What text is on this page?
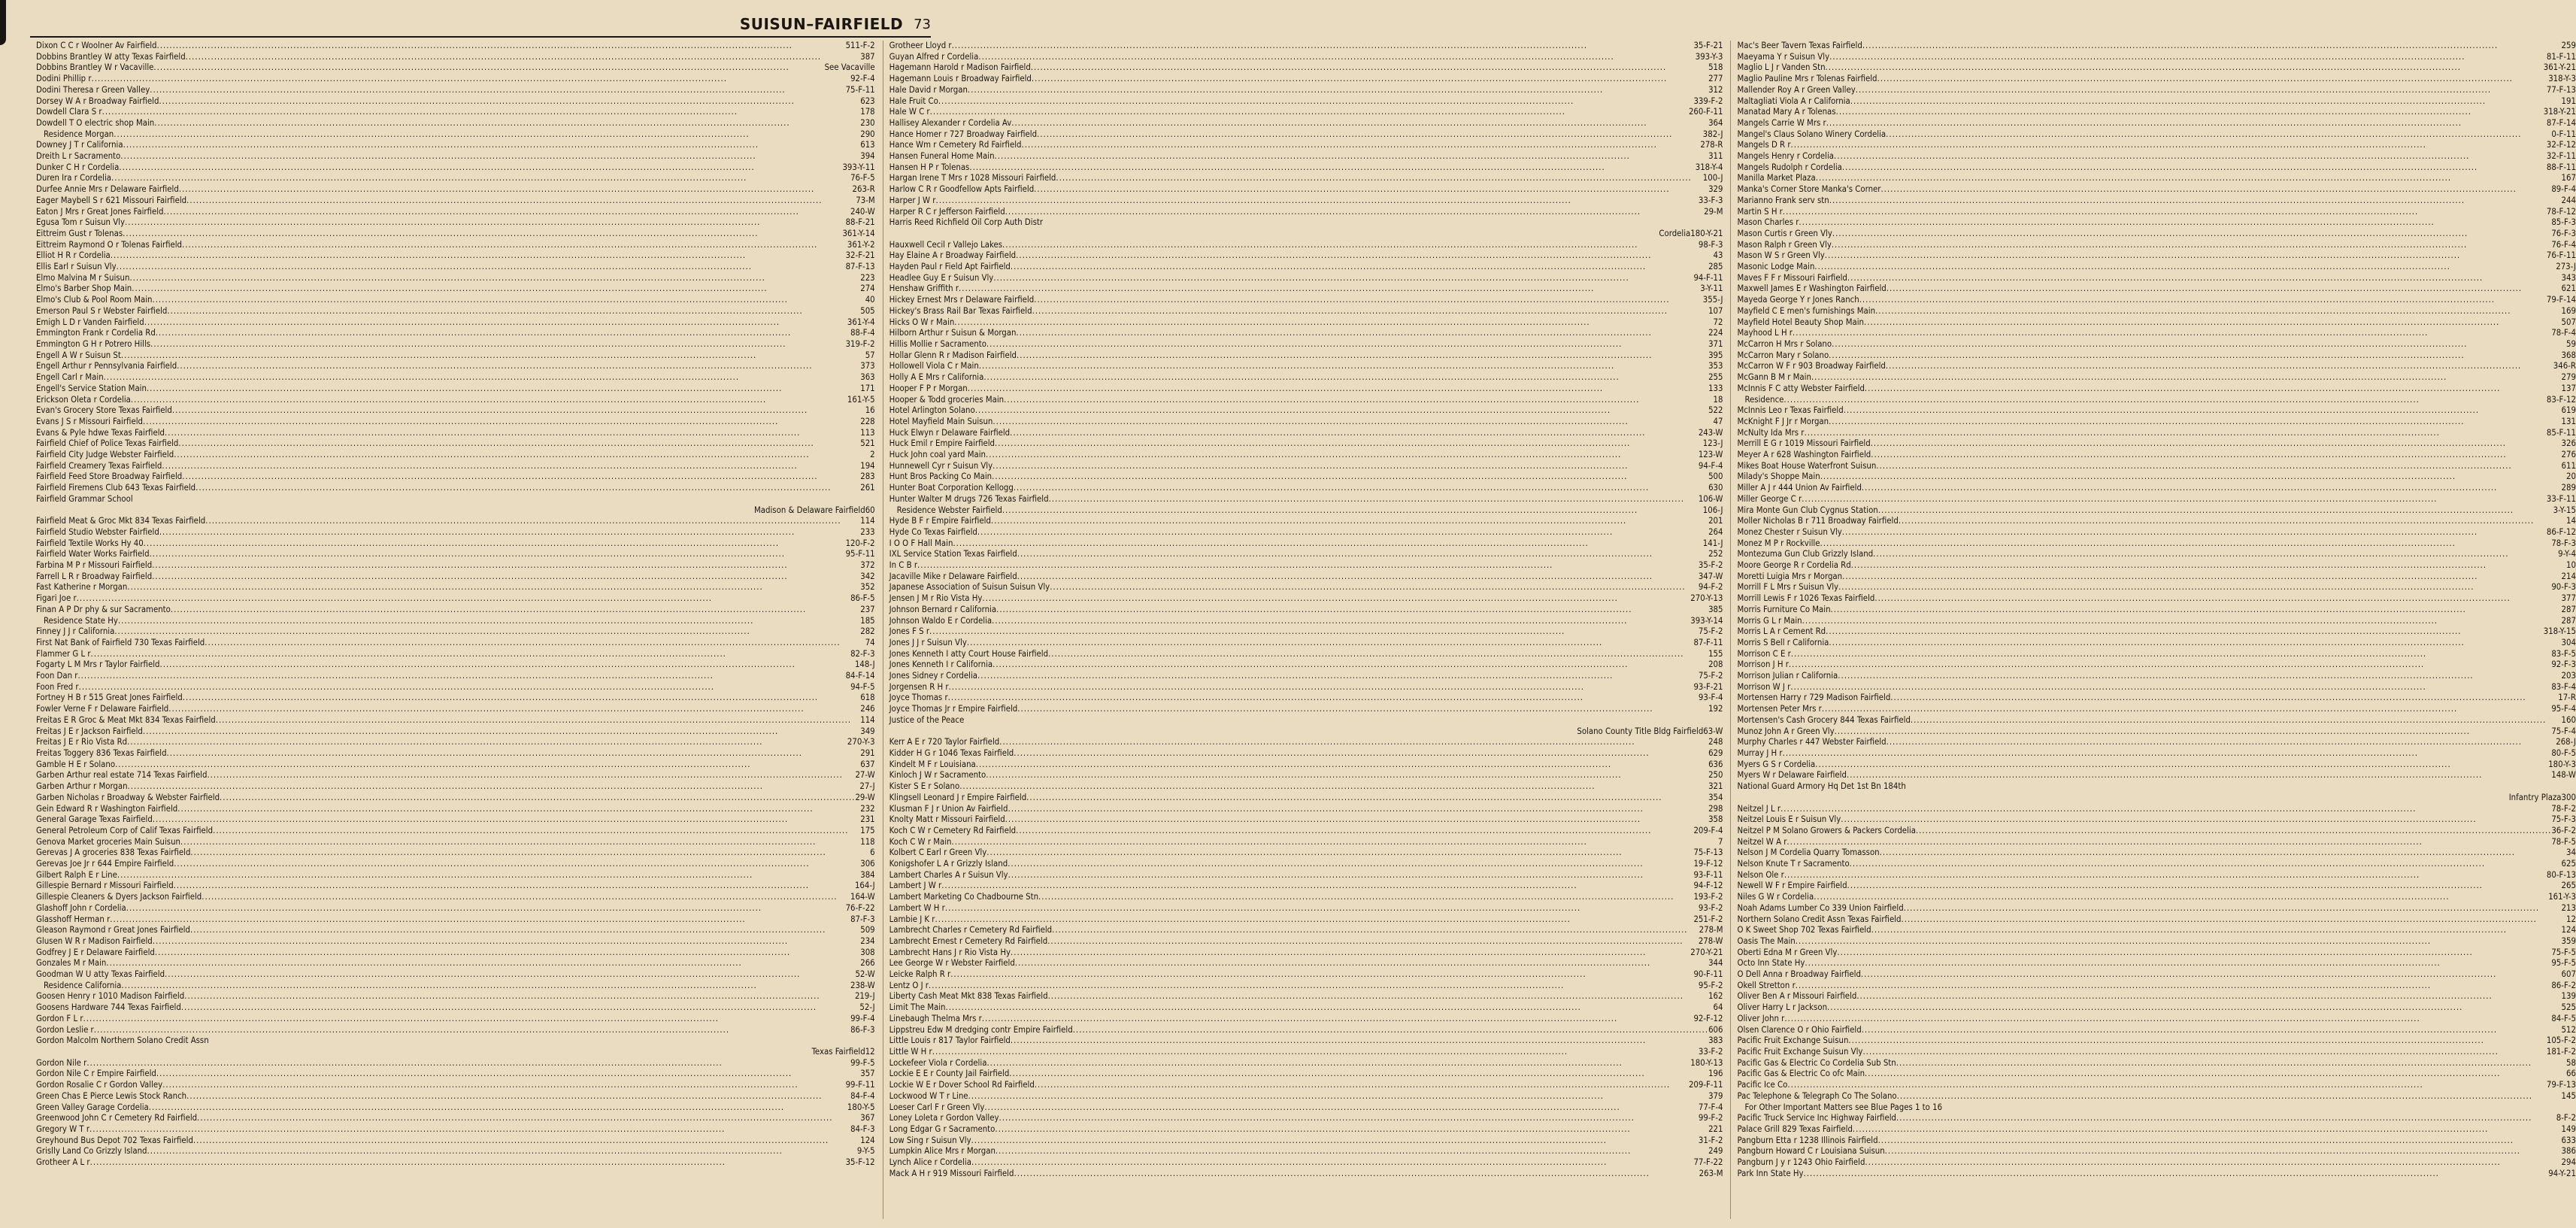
SUISUN–FAIRFIELD 73
Dixon C C r Woolner Av Fairfield .....	511-F-2
Dobbins Brantley W atty Texas Fairfield .....	387
Dobbins Brantley W r Vacaville .....	See Vacaville
Dodini Phillip r .....	92-F-4
Dodini Theresa r Green Valley .....	75-F-11
Dorsey W A r Broadway Fairfield .....	623
Dowdell Clara S r .....	178
Dowdell T O electric shop Main .....	230
Residence Morgan .....	290
Downey J T r California .....	613
Dreith L r Sacramento .....	394
Dunker C H r Cordelia .....	393-Y-11
Duren Ira r Cordelia .....	76-F-5
Durfee Annie Mrs r Delaware Fairfield .....	263-R
Eager Maybell S r 621 Missouri Fairfield .....	73-M
Eaton J Mrs r Great Jones Fairfield .....	240-W
Egusa Tom r Suisun Vly .....	88-F-21
Eittreim Gust r Tolenas .....	361-Y-14
Eittreim Raymond O r Tolenas Fairfield .....	361-Y-2
Elliot H R r Cordelia .....	32-F-21
Ellis Earl r Suisun Vly .....	87-F-13
Elmo Malvina M r Suisun .....	223
Elmo's Barber Shop Main .....	274
Elmo's Club & Pool Room Main .....	40
Emerson Paul S r Webster Fairfield .....	505
Emigh L D r Vanden Fairfield .....	361-Y-4
Emmington Frank r Cordelia Rd .....	88-F-4
Emmington G H r Potrero Hills .....	319-F-2
Engell A W r Suisun St .....	57
Engell Arthur r Pennsylvania Fairfield .....	373
Engell Carl r Main .....	363
Engell's Service Station Main .....	171
Erickson Oleta r Cordelia .....	161-Y-5
Evan's Grocery Store Texas Fairfield .....	16
Evans J S r Missouri Fairfield .....	228
Evans & Pyle hdwe Texas Fairfield .....	113
Fairfield Chief of Police Texas Fairfield .....	521
Fairfield City Judge Webster Fairfield .....	2
Fairfield Creamery Texas Fairfield .....	194
Fairfield Feed Store Broadway Fairfield .....	283
Fairfield Firemens Club 643 Texas Fairfield .....	261
Fairfield Grammar School
Madison & Delaware Fairfield 60
Fairfield Meat & Groc Mkt 834 Texas Fairfield .....	114
Fairfield Studio Webster Fairfield .....	233
Fairfield Textile Works Hy 40 .....	120-F-2
Fairfield Water Works Fairfield .....	95-F-11
Farbina M P r Missouri Fairfield .....	372
Farrell L R r Broadway Fairfield .....	342
Fast Katherine r Morgan .....	352
Figari Joe r .....	86-F-5
Finan A P Dr phy & sur Sacramento .....	237
Residence State Hy .....	185
Finney J J r California .....	282
First Nat Bank of Fairfield 730 Texas Fairfield .....	74
Flammer G L r .....	82-F-3
Fogarty L M Mrs r Taylor Fairfield .....	148-J
Foon Dan r .....	84-F-14
Foon Fred r .....	94-F-5
Fortney H B r 515 Great Jones Fairfield .....	618
Fowler Verne F r Delaware Fairfield .....	246
Freitas E R Groc & Meat Mkt 834 Texas Fairfield .....	114
Freitas J E r Jackson Fairfield .....	349
Freitas J E r Rio Vista Rd .....	270-Y-3
Freitas Toggery 836 Texas Fairfield .....	291
Gamble H E r Solano .....	637
Garben Arthur real estate 714 Texas Fairfield .....	27-W
Garben Arthur r Morgan .....	27-J
Garben Nicholas r Broadway & Webster Fairfield .....	29-W
Gein Edward R r Washington Fairfield .....	232
General Garage Texas Fairfield .....	231
General Petroleum Corp of Calif Texas Fairfield .....	175
Genova Market groceries Main Suisun .....	118
Gerevas J A groceries 838 Texas Fairfield .....	6
Gerevas Joe Jr r 644 Empire Fairfield .....	306
Gilbert Ralph E r Line .....	384
Gillespie Bernard r Missouri Fairfield .....	164-J
Gillespie Cleaners & Dyers Jackson Fairfield .....	164-W
Glashoff John r Cordelia .....	76-F-22
Glasshoff Herman r .....	87-F-3
Gleason Raymond r Great Jones Fairfield .....	509
Glusen W R r Madison Fairfield .....	234
Godfrey J E r Delaware Fairfield .....	308
Gonzales M r Main .....	266
Goodman W U atty Texas Fairfield .....	52-W
Residence California .....	238-W
Goosen Henry r 1010 Madison Fairfield .....	219-J
Goosens Hardware 744 Texas Fairfield .....	52-J
Gordon F L r .....	99-F-4
Gordon Leslie r .....	86-F-3
Gordon Malcolm Northern Solano Credit Assn
Texas Fairfield 12
Gordon Nile r .....	99-F-5
Gordon Nile C r Empire Fairfield .....	357
Gordon Rosalie C r Gordon Valley .....	99-F-11
Green Chas E Pierce Lewis Stock Ranch .....	84-F-4
Green Valley Garage Cordelia .....	180-Y-5
Greenwood John C r Cemetery Rd Fairfield .....	367
Gregory W T r .....	84-F-3
Greyhound Bus Depot 702 Texas Fairfield .....	124
Grislly Land Co Grizzly Island .....	9-Y-5
Grotheer A L r .....	35-F-12
Grotheer Lloyd r .....	35-F-21
Guyan Alfred r Cordelia .....	393-Y-3
Hagemann Harold r Madison Fairfield .....	518
Hagemann Louis r Broadway Fairfield .....	277
Hale David r Morgan .....	312
Hale Fruit Co .....	339-F-2
Hale W C r .....	260-F-11
Hallisey Alexander r Cordelia Av .....	364
Hance Homer r 727 Broadway Fairfield .....	382-J
Hance Wm r Cemetery Rd Fairfield .....	278-R
Hansen Funeral Home Main .....	311
Hansen H P r Tolenas .....	318-Y-4
Hargan Irene T Mrs r 1028 Missouri Fairfield .....	100-J
Harlow C R r Goodfellow Apts Fairfield .....	329
Harper J W r .....	33-F-3
Harper R C r Jefferson Fairfield .....	29-M
Harris Reed Richfield Oil Corp Auth Distr
Cordelia 180-Y-21
Hauxwell Cecil r Vallejo Lakes .....	98-F-3
Hay Elaine A r Broadway Fairfield .....	43
Hayden Paul r Field Apt Fairfield .....	285
Headlee Guy E r Suisun Vly .....	94-F-11
Henshaw Griffith r .....	3-Y-11
Hickey Ernest Mrs r Delaware Fairfield .....	355-J
Hickey's Brass Rail Bar Texas Fairfield .....	107
Hicks O W r Main .....	72
Hilborn Arthur r Suisun & Morgan .....	224
Hillis Mollie r Sacramento .....	371
Hollar Glenn R r Madison Fairfield .....	395
Hollowell Viola C r Main .....	353
Holly A E Mrs r California .....	255
Hooper F P r Morgan .....	133
Hooper & Todd groceries Main .....	18
Hotel Arlington Solano .....	522
Hotel Mayfield Main Suisun .....	47
Huck Elwyn r Delaware Fairfield .....	243-W
Huck Emil r Empire Fairfield .....	123-J
Huck John coal yard Main .....	123-W
Hunnewell Cyr r Suisun Vly .....	94-F-4
Hunt Bros Packing Co Main .....	500
Hunter Boat Corporation Kellogg .....	630
Hunter Walter M drugs 726 Texas Fairfield .....	106-W
Residence Webster Fairfield .....	106-J
Hyde B F r Empire Fairfield .....	201
Hyde Co Texas Fairfield .....	264
I O O F Hall Main .....	141-J
IXL Service Station Texas Fairfield .....	252
In C B r .....	35-F-2
Jacaville Mike r Delaware Fairfield .....	347-W
Japanese Association of Suisun Suisun Vly .....	94-F-2
Jensen J M r Rio Vista Hy .....	270-Y-13
Johnson Bernard r California .....	385
Johnson Waldo E r Cordelia .....	393-Y-14
Jones F S r .....	75-F-2
Jones J J r Suisun Vly .....	87-F-11
Jones Kenneth I atty Court House Fairfield .....	155
Jones Kenneth I r California .....	208
Jones Sidney r Cordelia .....	75-F-2
Jorgensen R H r .....	93-F-21
Joyce Thomas r .....	93-F-4
Joyce Thomas Jr r Empire Fairfield .....	192
Justice of the Peace
Solano County Title Bldg Fairfield 63-W
Kerr A E r 720 Taylor Fairfield .....	248
Kidder H G r 1046 Texas Fairfield .....	629
Kindelt M F r Louisiana .....	636
Kinloch J W r Sacramento .....	250
Kister S E r Solano .....	321
Klingsell Leonard J r Empire Fairfield .....	354
Klusman F J r Union Av Fairfield .....	298
Knolty Matt r Missouri Fairfield .....	358
Koch C W r Cemetery Rd Fairfield .....	209-F-4
Koch C W r Main .....	7
Kolbert C Earl r Green Vly .....	75-F-13
Konigshofer L A r Grizzly Island .....	19-F-12
Lambert Charles A r Suisun Vly .....	93-F-11
Lambert J W r .....	94-F-12
Lambert Marketing Co Chadbourne Stn .....	193-F-2
Lambert W H r .....	93-F-2
Lambie J K r .....	251-F-2
Lambrecht Charles r Cemetery Rd Fairfield .....	278-M
Lambrecht Ernest r Cemetery Rd Fairfield .....	278-W
Lambrecht Hans J r Rio Vista Hy .....	270-Y-21
Lee George W r Webster Fairfield .....	344
Leicke Ralph R r .....	90-F-11
Lentz O J r .....	95-F-2
Liberty Cash Meat Mkt 838 Texas Fairfield .....	162
Limit The Main .....	64
Linebaugh Thelma Mrs r .....	92-F-12
Lippstreu Edw M dredging contr Empire Fairfield .....	606
Little Louis r 817 Taylor Fairfield .....	383
Little W H r .....	33-F-2
Lockefeer Viola r Cordelia .....	180-Y-13
Lockie E E r County Jail Fairfield .....	196
Lockie W E r Dover School Rd Fairfield .....	209-F-11
Lockwood W T r Line .....	379
Loeser Carl F r Green Vly .....	77-F-4
Loney Loleta r Gordon Valley .....	99-F-2
Long Edgar G r Sacramento .....	221
Low Sing r Suisun Vly .....	31-F-2
Lumpkin Alice Mrs r Morgan .....	249
Lynch Alice r Cordelia .....	77-F-22
Mack A H r 919 Missouri Fairfield .....	263-M
Mac's Beer Tavern Texas Fairfield .....	259
Maeyama Y r Suisun Vly .....	81-F-11
Maglio L J r Vanden Stn .....	361-Y-21
Maglio Pauline Mrs r Tolenas Fairfield .....	318-Y-3
Mallender Roy A r Green Valley .....	77-F-13
Maltagliati Viola A r California .....	191
Manatad Mary A r Tolenas .....	318-Y-21
Mangels Carrie W Mrs r .....	87-F-14
Mangel's Claus Solano Winery Cordelia .....	0-F-11
Mangels D R r .....	32-F-12
Mangels Henry r Cordelia .....	32-F-11
Mangels Rudolph r Cordelia .....	88-F-11
Manilla Market Plaza .....	167
Manka's Corner Store Manka's Corner .....	89-F-4
Marianno Frank serv stn .....	244
Martin S H r .....	78-F-12
Mason Charles r .....	85-F-3
Mason Curtis r Green Vly .....	76-F-3
Mason Ralph r Green Vly .....	76-F-4
Mason W S r Green Vly .....	76-F-11
Masonic Lodge Main .....	273-J
Maves F F r Missouri Fairfield .....	343
Maxwell James E r Washington Fairfield .....	621
Mayeda George Y r Jones Ranch .....	79-F-14
Mayfield C E men's furnishings Main .....	169
Mayfield Hotel Beauty Shop Main .....	507
Mayhood L H r .....	78-F-4
McCarron H Mrs r Solano .....	59
McCarron Mary r Solano .....	368
McCarron W F r 903 Broadway Fairfield .....	346-R
McGann B M r Main .....	279
McInnis F C atty Webster Fairfield .....	137
Residence .....	83-F-12
McInnis Leo r Texas Fairfield .....	619
McKnight F J Jr r Morgan .....	131
McNulty Ida Mrs r .....	85-F-11
Merrill E G r 1019 Missouri Fairfield .....	326
Meyer A r 628 Washington Fairfield .....	276
Mikes Boat House Waterfront Suisun .....	611
Milady's Shoppe Main .....	20
Miller A J r 444 Union Av Fairfield .....	289
Miller George C r .....	33-F-11
Mira Monte Gun Club Cygnus Station .....	3-Y-15
Moller Nicholas B r 711 Broadway Fairfield .....	14
Monez Chester r Suisun Vly .....	86-F-12
Monez M P r Rockville .....	78-F-3
Montezuma Gun Club Grizzly Island .....	9-Y-4
Moore George R r Cordelia Rd .....	10
Moretti Luigia Mrs r Morgan .....	214
Morrill F L Mrs r Suisun Vly .....	90-F-3
Morrill Lewis F r 1026 Texas Fairfield .....	377
Morris Furniture Co Main .....	287
Morris G L r Main .....	287
Morris L A r Cement Rd .....	318-Y-15
Morris S Bell r California .....	304
Morrison C E r .....	83-F-5
Morrison J H r .....	92-F-3
Morrison Julian r California .....	203
Morrison W J r .....	83-F-4
Mortensen Harry r 729 Madison Fairfield .....	17-R
Mortensen Peter Mrs r .....	95-F-4
Mortensen's Cash Grocery 844 Texas Fairfield .....	160
Munoz John A r Green Vly .....	75-F-4
Murphy Charles r 447 Webster Fairfield .....	268-J
Murray J H r .....	80-F-5
Myers G S r Cordelia .....	180-Y-3
Myers W r Delaware Fairfield .....	148-W
National Guard Armory Hq Det 1st Bn 184th
Infantry Plaza 300
Neitzel J L r .....	78-F-2
Neitzel Louis E r Suisun Vly .....	75-F-3
Neitzel P M Solano Growers & Packers Cordelia .....	36-F-2
Neitzel W A r .....	78-F-5
Nelson J M Cordelia Quarry Tomasson .....	34
Nelson Knute T r Sacramento .....	625
Nelson Ole r .....	80-F-13
Newell W F r Empire Fairfield .....	265
Niles G W r Cordelia .....	161-Y-3
Noah Adams Lumber Co 339 Union Fairfield .....	213
Northern Solano Credit Assn Texas Fairfield .....	12
O K Sweet Shop 702 Texas Fairfield .....	124
Oasis The Main .....	359
Oberti Edna M r Green Vly .....	75-F-5
Octo Inn State Hy .....	95-F-5
O Dell Anna r Broadway Fairfield .....	607
Okell Stretton r .....	86-F-2
Oliver Ben A r Missouri Fairfield .....	139
Oliver Harry L r Jackson .....	525
Oliver John r .....	84-F-5
Olsen Clarence O r Ohio Fairfield .....	512
Pacific Fruit Exchange Suisun .....	105-F-2
Pacific Fruit Exchange Suisun Vly .....	181-F-2
Pacific Gas & Electric Co Cordelia Sub Stn .....	58
Pacific Gas & Electric Co ofc Main .....	66
Pacific Ice Co .....	79-F-13
Pac Telephone & Telegraph Co The Solano .....	145
For Other Important Matters see Blue Pages 1 to 16
Pacific Truck Service Inc Highway Fairfield .....	8-F-2
Palace Grill 829 Texas Fairfield .....	149
Pangburn Etta r 1238 Illinois Fairfield .....	633
Pangburn Howard C r Louisiana Suisun .....	386
Pangburn J y r 1243 Ohio Fairfield .....	294
Park Inn State Hy .....	94-Y-21
